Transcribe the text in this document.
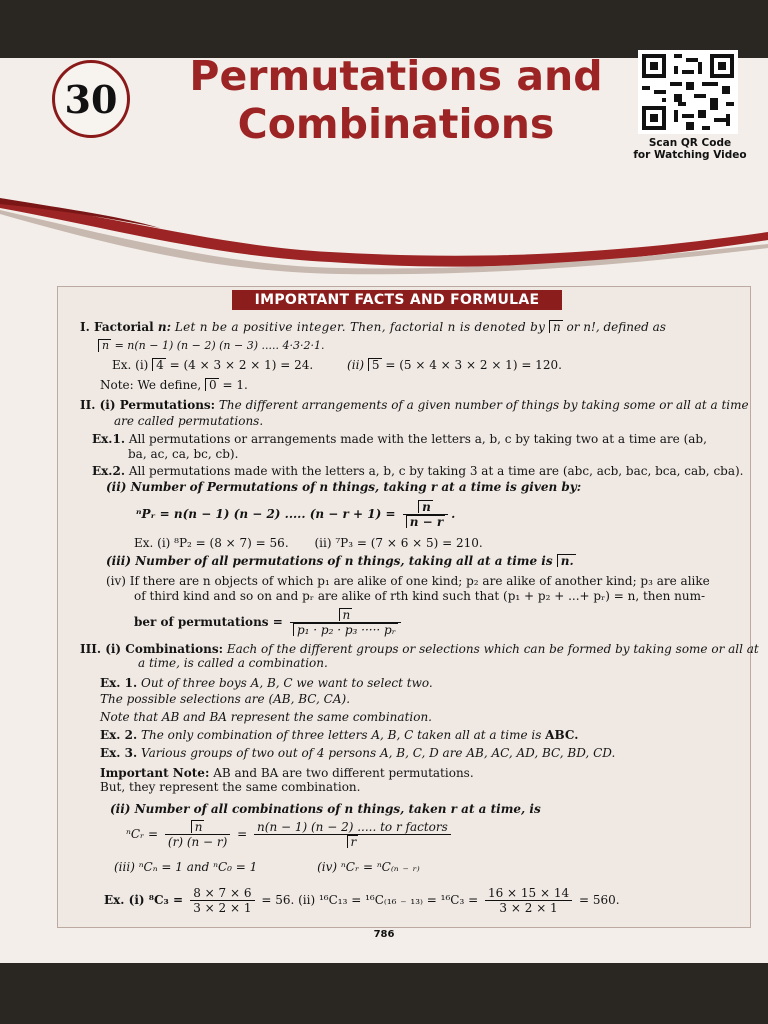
30	Permutations and
Combinations	Scan QR Code
for Watching Video
IMPORTANT FACTS AND FORMULAE
I. Factorial n: Let n be a positive integer. Then, factorial n is denoted by n or n!, defined as
n = n(n − 1) (n − 2) (n − 3) ..... 4·3·2·1.
Ex. (i) 4 = (4 × 3 × 2 × 1) = 24.	(ii) 5 = (5 × 4 × 3 × 2 × 1) = 120.
Note: We define, 0 = 1.
II. (i) Permutations: The different arrangements of a given number of things by taking some or all at a time
are called permutations.
Ex.1. All permutations or arrangements made with the letters a, b, c by taking two at a time are (ab,
ba, ac, ca, bc, cb).
Ex.2. All permutations made with the letters a, b, c by taking 3 at a time are (abc, acb, bac, bca, cab, cba).
(ii) Number of Permutations of n things, taking r at a time is given by:
ⁿPᵣ = n(n − 1) (n − 2) ..... $(n - r + 1) = \frac{n}{n - r}$ .
Ex. (i) ⁸P₂ = (8 × 7) = 56. (ii) ⁷P₃ = (7 × 6 × 5) = 210.
(iii) Number of all permutations of n things, taking all at a time is n.
(iv) If there are n objects of which p₁ are alike of one kind; p₂ are alike of another kind; p₃ are alike
of third kind and so on and pᵣ are alike of rth kind such that (p₁ + p₂ + ...+ pᵣ) = n, then num-
ber of permutations = $\frac{n}{\text{p₁ · p₂ · p₃ ····· pᵣ}}$
III. (i) Combinations: Each of the different groups or selections which can be formed by taking some or all at
a time, is called a combination.
Ex. 1. Out of three boys A, B, C we want to select two.
The possible selections are (AB, BC, CA).
Note that AB and BA represent the same combination.
Ex. 2. The only combination of three letters A, B, C taken all at a time is ABC.
Ex. 3. Various groups of two out of 4 persons A, B, C, D are AB, AC, AD, BC, BD, CD.
Important Note: AB and BA are two different permutations.
But, they represent the same combination.
(ii) Number of all combinations of n things, taken r at a time, is
ⁿCᵣ = $\frac{n}{(r) (n - r)} = \frac{\text{n(n − 1) (n − 2) ..... to r factors}}{r}$
(iii) ⁿCₙ = 1 and ⁿC₀ = 1	(iv) ⁿCᵣ = ⁿC₍ₙ ₋ ᵣ₎
Ex. (i) $^8C_3 = \frac{8 \times 7 \times 6}{3 \times 2 \times 1} = 56$. (ii) ¹⁶C₁₃ = ¹⁶C₍₁₆ ₋ $_{13)} = ^{16}C_3 = \frac{16 \times 15 \times 14}{3 \times 2 \times 1} = 560$.
786
